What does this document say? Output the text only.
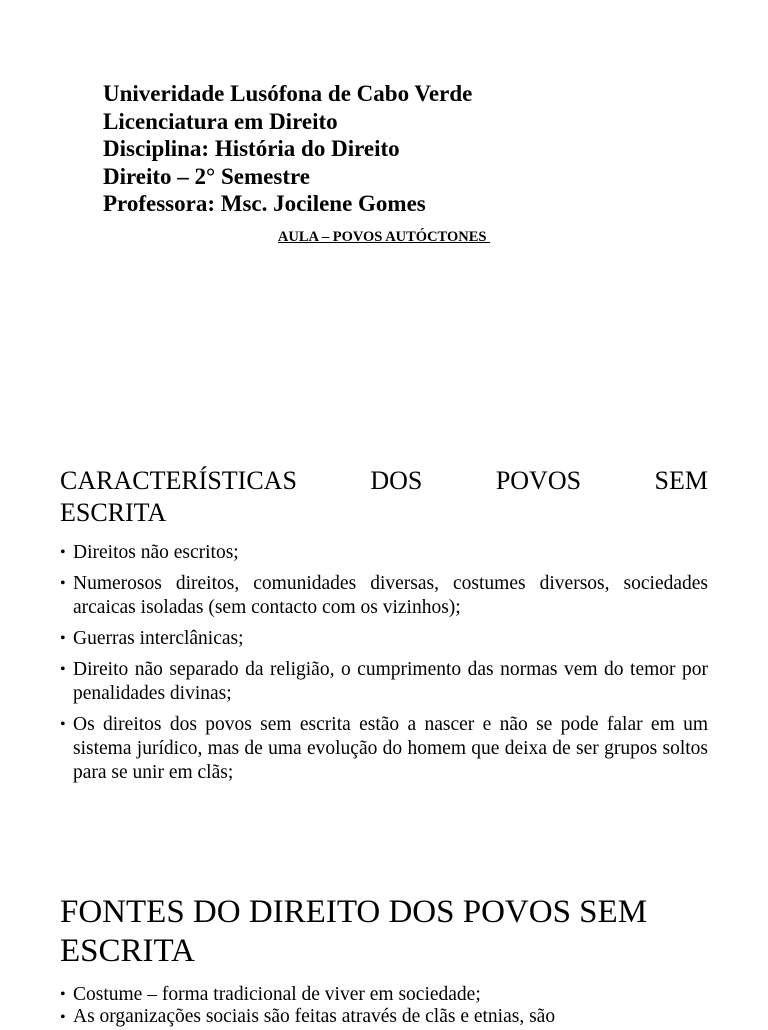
Univeridade Lusófona de Cabo Verde
Licenciatura em Direito
Disciplina: História do Direito
Direito – 2° Semestre
Professora: Msc. Jocilene Gomes
AULA – POVOS AUTÓCTONES
CARACTERÍSTICAS	DOS	POVOS	SEM
ESCRITA
• Direitos não escritos;
• Numerosos direitos, comunidades diversas, costumes diversos, sociedades arcaicas isoladas (sem contacto com os vizinhos);
• Guerras interclânicas;
• Direito não separado da religião, o cumprimento das normas vem do temor por penalidades divinas;
• Os direitos dos povos sem escrita estão a nascer e não se pode falar em um sistema jurídico, mas de uma evolução do homem que deixa de ser grupos soltos para se unir em clãs;
FONTES DO DIREITO DOS POVOS SEM ESCRITA
• Costume – forma tradicional de viver em sociedade;
• As organizações sociais são feitas através de clãs e etnias, são
